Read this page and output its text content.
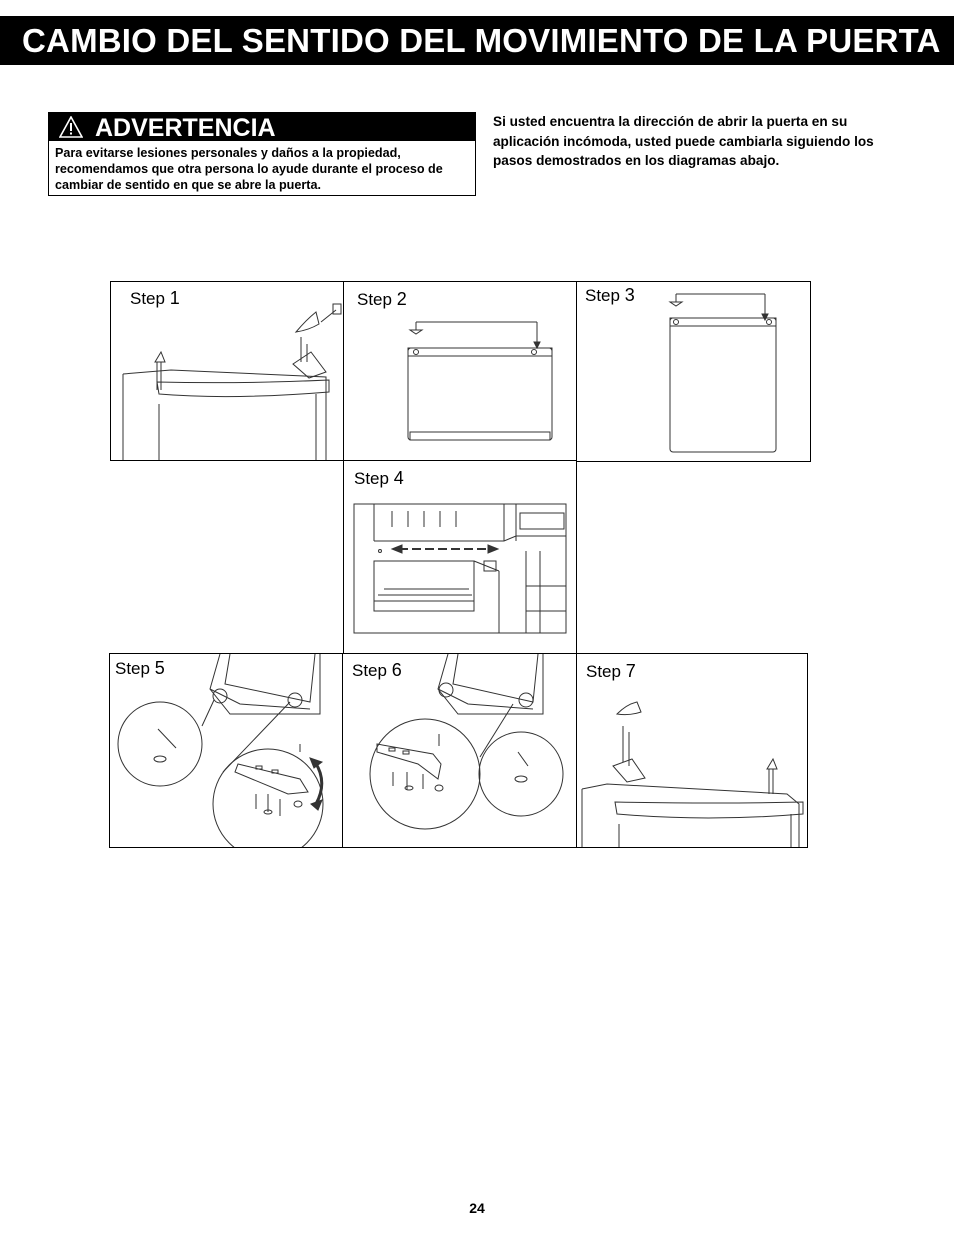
CAMBIO DEL SENTIDO DEL MOVIMIENTO DE LA PUERTA
ADVERTENCIA
Para evitarse lesiones personales y daños a la propiedad, recomendamos que otra persona lo ayude durante el proceso de cambiar de sentido en que se abre la puerta.
Si usted encuentra la dirección de abrir la puerta en su aplicación incómoda, usted puede cambiarla siguiendo los pasos demostrados en los diagramas abajo.
Step 1	Step 2	Step 3
Step 4
Step 5	Step 6	Step 7
24
